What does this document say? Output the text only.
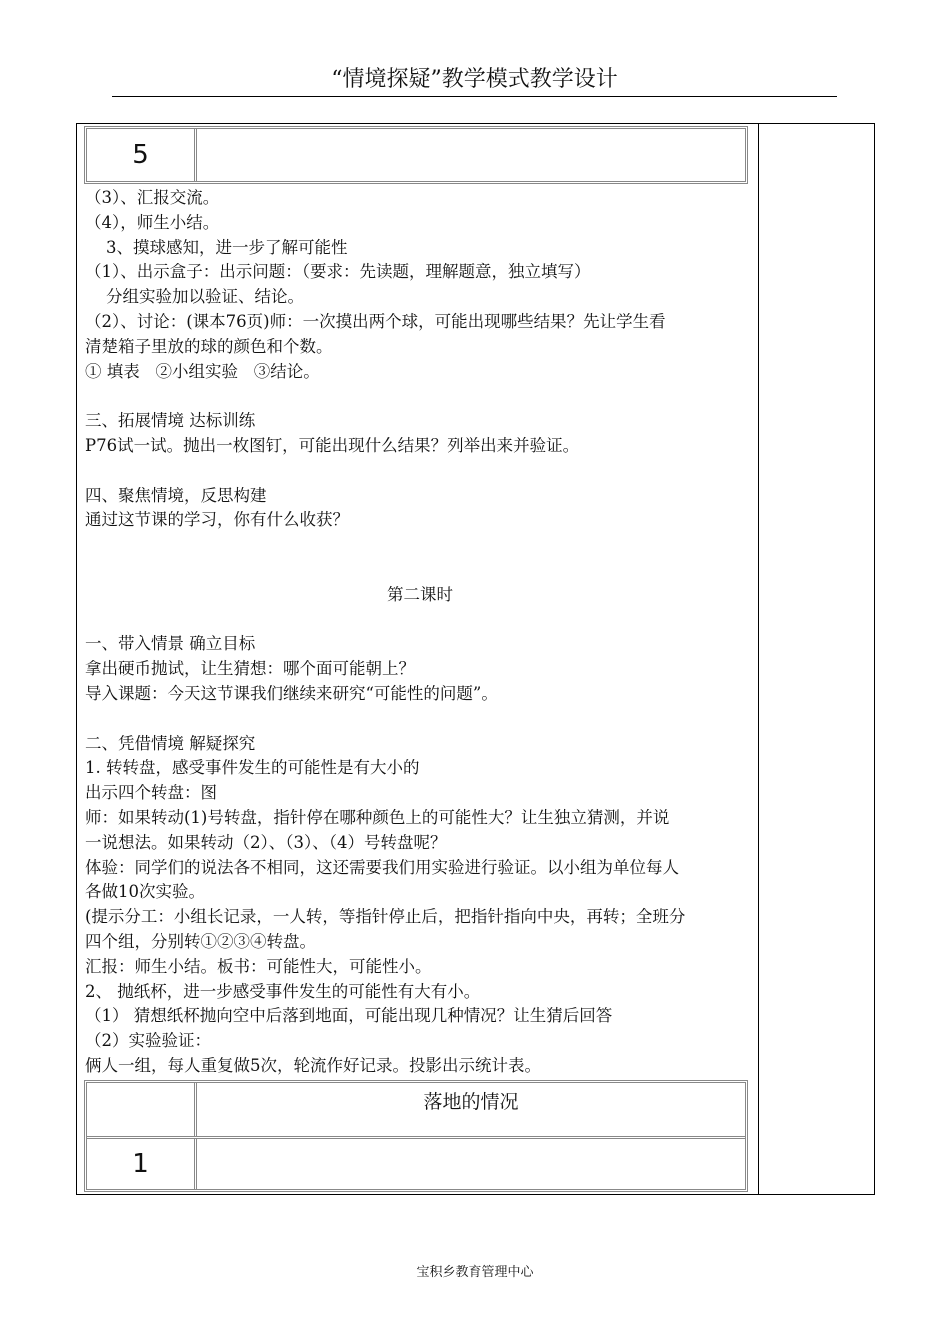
“情境探疑”教学模式教学设计
5

（3）、汇报交流。

（4），师生小结。

3、摸球感知，进一步了解可能性

（1）、出示盒子：出示问题：（要求：先读题，理解题意，独立填写）

分组实验加以验证、结论。

（2）、讨论：(课本76页)师：一次摸出两个球，可能出现哪些结果？先让学生看

清楚箱子里放的球的颜色和个数。

① 填表   ②小组实验   ③结论。

三、拓展情境 达标训练

P76试一试。抛出一枚图钉，可能出现什么结果？列举出来并验证。

四、聚焦情境，反思构建

通过这节课的学习，你有什么收获？

第二课时

一、带入情景 确立目标

拿出硬币抛试，让生猜想：哪个面可能朝上？

导入课题：今天这节课我们继续来研究“可能性的问题”。

二、凭借情境 解疑探究

1. 转转盘，感受事件发生的可能性是有大小的

出示四个转盘：图

师：如果转动(1)号转盘，指针停在哪种颜色上的可能性大？让生独立猜测，并说

一说想法。如果转动（2）、（3）、（4）号转盘呢？

体验：同学们的说法各不相同，这还需要我们用实验进行验证。以小组为单位每人

各做10次实验。

(提示分工：小组长记录，一人转，等指针停止后，把指针指向中央，再转；全班分

四个组，分别转①②③④转盘。

汇报：师生小结。板书：可能性大，可能性小。

2、 抛纸杯，进一步感受事件发生的可能性有大有小。

（1） 猜想纸杯抛向空中后落到地面，可能出现几种情况？让生猜后回答

（2）实验验证：

俩人一组，每人重复做5次，轮流作好记录。投影出示统计表。

落地的情况
1
宝积乡教育管理中心
